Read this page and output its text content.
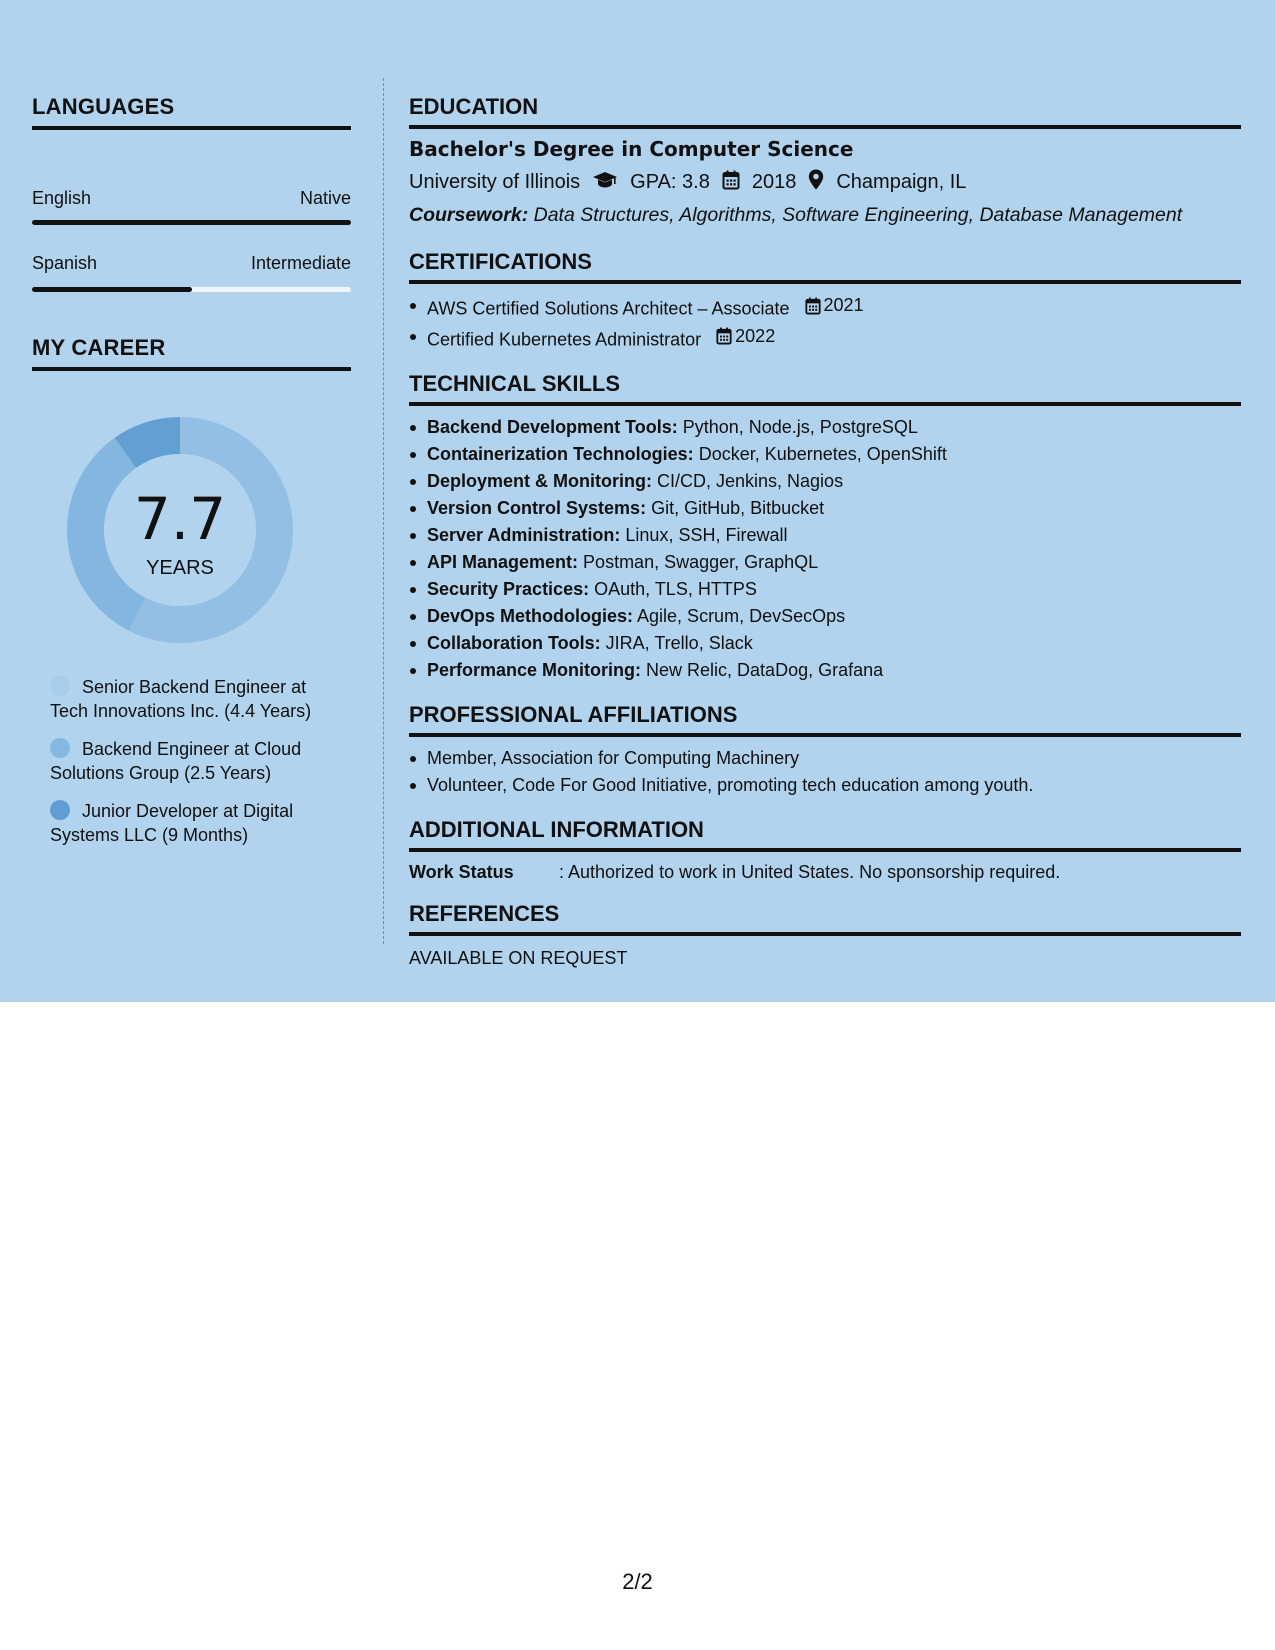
LANGUAGES
English	Native
Spanish	Intermediate
MY CAREER
7.7
YEARS
Senior Backend Engineer at Tech Innovations Inc. (4.4 Years)
Backend Engineer at Cloud Solutions Group (2.5 Years)
Junior Developer at Digital Systems LLC (9 Months)
EDUCATION
Bachelor's Degree in Computer Science
University of Illinois	GPA: 3.8 2018 Champaign, IL
Coursework: Data Structures, Algorithms, Software Engineering, Database Management
CERTIFICATIONS
AWS Certified Solutions Architect – Associate 2021
Certified Kubernetes Administrator 2022
TECHNICAL SKILLS
Backend Development Tools: Python, Node.js, PostgreSQL
Containerization Technologies: Docker, Kubernetes, OpenShift
Deployment & Monitoring: CI/CD, Jenkins, Nagios
Version Control Systems: Git, GitHub, Bitbucket
Server Administration: Linux, SSH, Firewall
API Management: Postman, Swagger, GraphQL
Security Practices: OAuth, TLS, HTTPS
DevOps Methodologies: Agile, Scrum, DevSecOps
Collaboration Tools: JIRA, Trello, Slack
Performance Monitoring: New Relic, DataDog, Grafana
PROFESSIONAL AFFILIATIONS
Member, Association for Computing Machinery
Volunteer, Code For Good Initiative, promoting tech education among youth.
ADDITIONAL INFORMATION
Work Status	: Authorized to work in United States. No sponsorship required.
REFERENCES
AVAILABLE ON REQUEST
2/2
